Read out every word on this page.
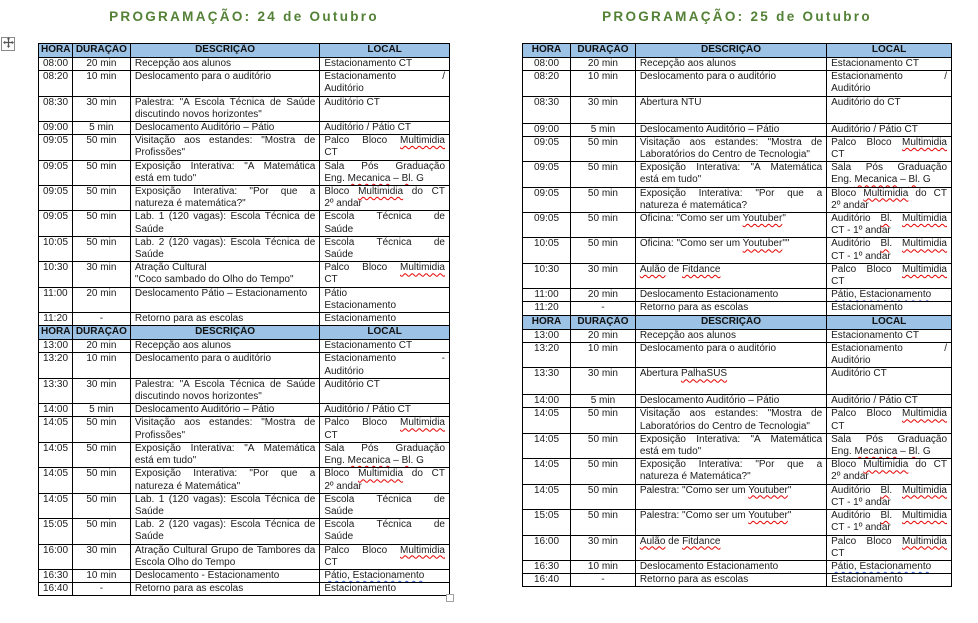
PROGRAMAÇÃO: 24 de Outubro	PROGRAMAÇÃO: 25 de Outubro
HORA	DURAÇÃO	DESCRIÇÃO	LOCAL
08:00	20 min	Recepção aos alunos	Estacionamento CT

08:20	10 min	Deslocamento para o auditório	Estacionamento /
Auditório

08:30	30 min	Palestra: "A Escola Técnica de Saúde
discutindo novos horizontes"	Auditório CT

09:00	5 min	Deslocamento Auditório – Pátio	Auditório / Pátio CT

09:05	50 min	Visitação aos estandes: "Mostra de
Profissões"

Palco Bloco Multimidia
CT

09:05	50 min	Exposição Interativa: "A Matemática
está em tudo"

Sala Pós Graduação
Eng. Mecanica – Bl. G

09:05	50 min	Exposição Interativa: "Por que a
natureza é matemática?"

Bloco Multimidia do CT
2º andar

09:05	50 min	Lab. 1 (120 vagas): Escola Técnica de
Saúde

Escola Técnica de
Saúde

10:05	50 min	Lab. 2 (120 vagas): Escola Técnica de
Saúde

Escola Técnica de
Saúde

10:30	30 min	Atração Cultural
"Coco sambado do Olho do Tempo"

Palco Bloco Multimidia
CT

11:00	20 min	Deslocamento Pátio – Estacionamento	Pátio
Estacionamento

11:20	-	Retorno para as escolas	Estacionamento

HORA	DURAÇÃO	DESCRIÇÃO	LOCAL
13:00	20 min	Recepção aos alunos	Estacionamento CT

13:20	10 min	Deslocamento para o auditório	Estacionamento -
Auditório

13:30	30 min	Palestra: "A Escola Técnica de Saúde
discutindo novos horizontes"	Auditório CT

14:00	5 min	Deslocamento Auditório – Pátio	Auditório / Pátio CT

14:05	50 min	Visitação aos estandes: "Mostra de
Profissões"

Palco Bloco Multimidia
CT

14:05	50 min	Exposição Interativa: "A Matemática
está em tudo"

Sala Pós Graduação
Eng. Mecanica – Bl. G

14:05	50 min	Exposição Interativa: "Por que a
natureza é Matemática"

Bloco Multimidia do CT
2º andar

14:05	50 min	Lab. 1 (120 vagas): Escola Técnica de
Saúde

Escola Técnica de
Saúde

15:05	50 min	Lab. 2 (120 vagas): Escola Técnica de
Saúde

Escola Técnica de
Saúde

16:00	30 min	Atração Cultural Grupo de Tambores da
Escola Olho do Tempo

Palco Bloco Multimidia
CT

16:30	10 min	Deslocamento - Estacionamento	Pátio, Estacionamento

16:40	-	Retorno para as escolas	Estacionamento
HORA	DURAÇÃO	DESCRIÇÃO	LOCAL
08:00	20 min	Recepção aos alunos	Estacionamento CT

08:20	10 min	Deslocamento para o auditório	Estacionamento /
Auditório

08:30	30 min	Abertura NTU	Auditório do CT

09:00	5 min	Deslocamento Auditório – Pátio	Auditório / Pátio CT

09:05	50 min	Visitação aos estandes: "Mostra de
Laboratórios do Centro de Tecnologia"

Palco Bloco Multimidia
CT

09:05	50 min	Exposição Interativa: "A Matemática
está em tudo"

Sala Pós Graduação
Eng. Mecanica – Bl. G

09:05	50 min	Exposição Interativa: "Por que a
natureza é matemática?

Bloco Multimidia do CT
2º andar

09:05	50 min	Oficina: "Como ser um Youtuber"	Auditório Bl. Multimidia
CT - 1º andar

10:05	50 min	Oficina: "Como ser um Youtuber""	Auditório Bl. Multimidia
CT - 1º andar

10:30	30 min	Aulão de Fitdance	Palco Bloco Multimidia
CT

11:00	20 min	Deslocamento Estacionamento	Pátio, Estacionamento

11:20	-	Retorno para as escolas	Estacionamento

HORA	DURAÇÃO	DESCRIÇÃO	LOCAL
13:00	20 min	Recepção aos alunos	Estacionamento CT

13:20	10 min	Deslocamento para o auditório	Estacionamento /
Auditório

13:30	30 min	Abertura PalhaSUS	Auditório CT

14:00	5 min	Deslocamento Auditório – Pátio	Auditório / Pátio CT

14:05	50 min	Visitação aos estandes: "Mostra de
Laboratórios do Centro de Tecnologia"

Palco Bloco Multimidia
CT

14:05	50 min	Exposição Interativa: "A Matemática
está em tudo"

Sala Pós Graduação
Eng. Mecanica – Bl. G

14:05	50 min	Exposição Interativa: "Por que a
natureza é Matemática?"

Bloco Multimidia do CT
2º andar

14:05	50 min	Palestra: "Como ser um Youtuber"	Auditório Bl. Multimidia
CT - 1º andar

15:05	50 min	Palestra: "Como ser um Youtuber"	Auditório Bl. Multimidia
CT - 1º andar

16:00	30 min	Aulão de Fitdance	Palco Bloco Multimidia
CT

16:30	10 min	Deslocamento Estacionamento	Pátio, Estacionamento

16:40	-	Retorno para as escolas	Estacionamento
